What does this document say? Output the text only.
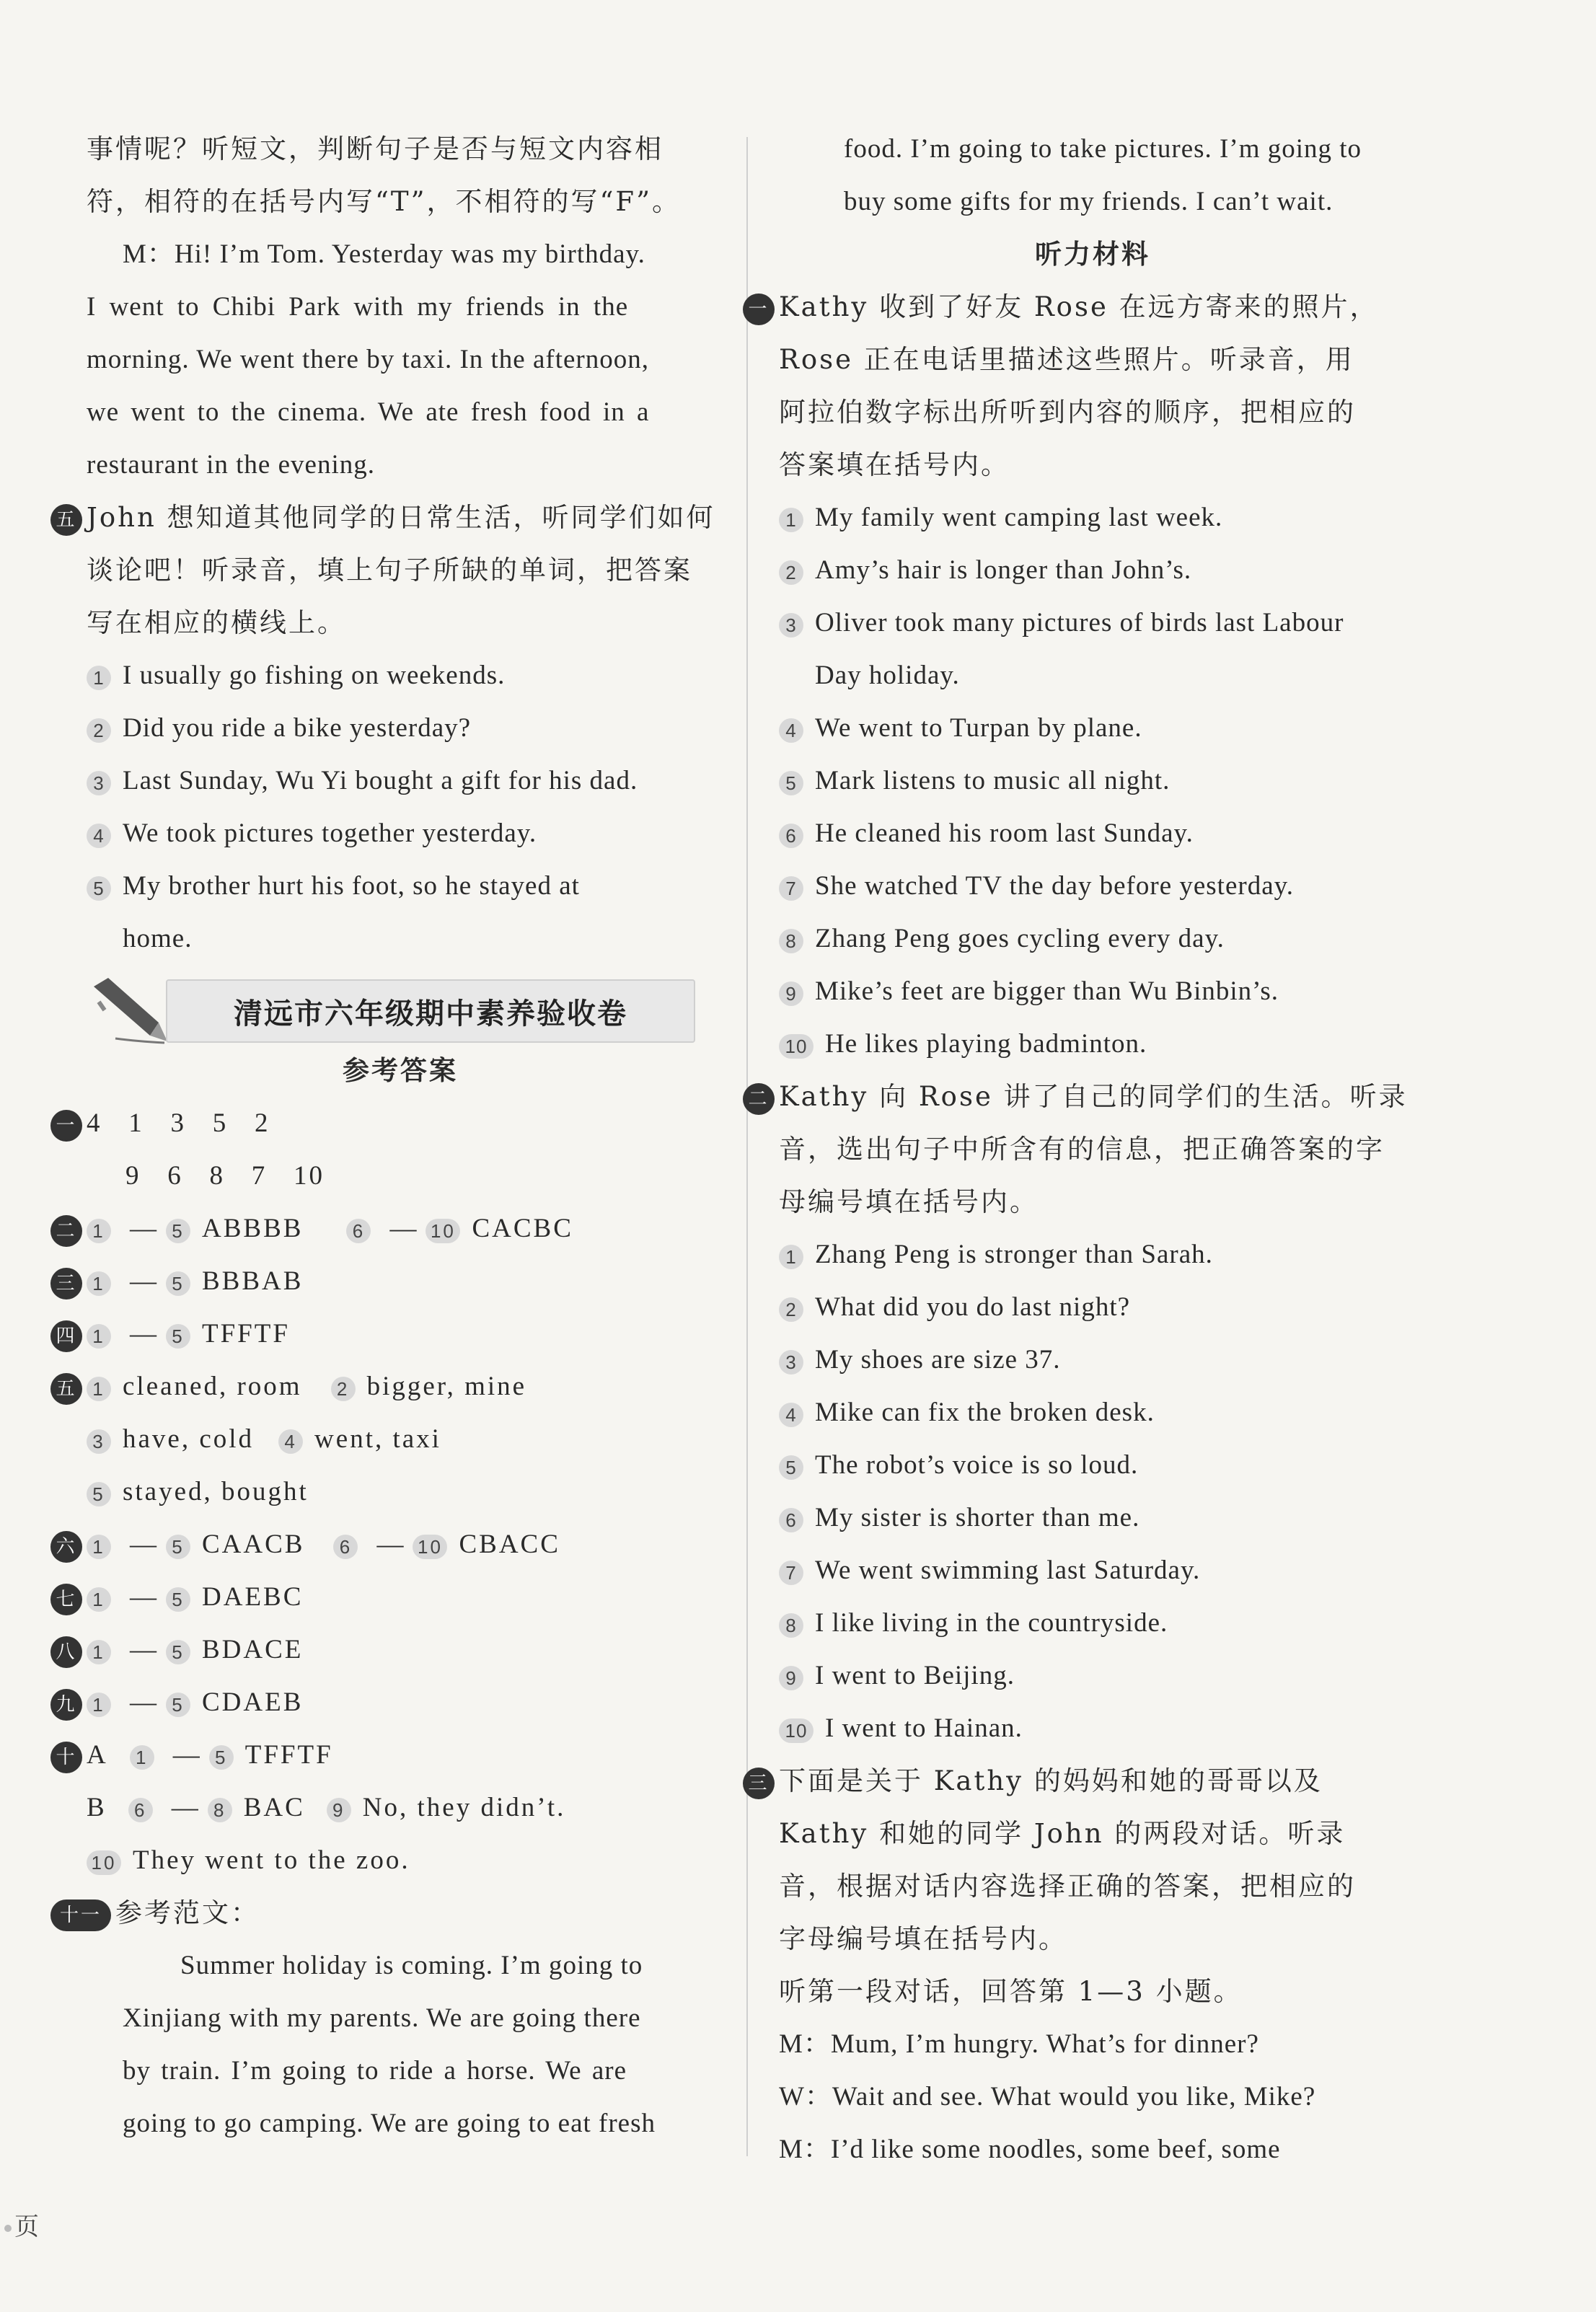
事情呢？听短文，判断句子是否与短文内容相
符，相符的在括号内写“T”，不相符的写“F”。
M：Hi! I’m Tom. Yesterday was my birthday.
I went to Chibi Park with my friends in the
morning. We went there by taxi. In the afternoon,
we went to the cinema. We ate fresh food in a
restaurant in the evening.
五 John 想知道其他同学的日常生活，听同学们如何
谈论吧！听录音，填上句子所缺的单词，把答案
写在相应的横线上。
1 I usually go fishing on weekends.
2 Did you ride a bike yesterday?
3 Last Sunday, Wu Yi bought a gift for his dad.
4 We took pictures together yesterday.
5 My brother hurt his foot, so he stayed at
home.
清远市六年级期中素养验收卷
参考答案
一 4   1   3   5   2
9   6   8   7   10
二 1 — 5 ABBBB	6 — 10 CACBC
三 1 — 5 BBBAB
四 1 — 5 TFFTF
五 1 cleaned, room 2 bigger, mine
3 have, cold 4 went, taxi
5 stayed, bought
六 1 — 5 CAACB 6 — 10 CBACC
七 1 — 5 DAEBC
八 1 — 5 BDACE
九 1 — 5 CDAEB
十 A 1 — 5 TFFTF
B 6 — 8 BAC 9 No, they didn’t.
10 They went to the zoo.
十一 参考范文：
Summer holiday is coming. I’m going to
Xinjiang with my parents. We are going there
by train. I’m going to ride a horse. We are
going to go camping. We are going to eat fresh
food. I’m going to take pictures. I’m going to
buy some gifts for my friends. I can’t wait.
听力材料
一 Kathy 收到了好友 Rose 在远方寄来的照片，
Rose 正在电话里描述这些照片。听录音，用
阿拉伯数字标出所听到内容的顺序，把相应的
答案填在括号内。
1 My family went camping last week.
2 Amy’s hair is longer than John’s.
3 Oliver took many pictures of birds last Labour
Day holiday.
4 We went to Turpan by plane.
5 Mark listens to music all night.
6 He cleaned his room last Sunday.
7 She watched TV the day before yesterday.
8 Zhang Peng goes cycling every day.
9 Mike’s feet are bigger than Wu Binbin’s.
10 He likes playing badminton.
二 Kathy 向 Rose 讲了自己的同学们的生活。听录
音，选出句子中所含有的信息，把正确答案的字
母编号填在括号内。
1 Zhang Peng is stronger than Sarah.
2 What did you do last night?
3 My shoes are size 37.
4 Mike can fix the broken desk.
5 The robot’s voice is so loud.
6 My sister is shorter than me.
7 We went swimming last Saturday.
8 I like living in the countryside.
9 I went to Beijing.
10 I went to Hainan.
三 下面是关于 Kathy 的妈妈和她的哥哥以及
Kathy 和她的同学 John 的两段对话。听录
音，根据对话内容选择正确的答案，把相应的
字母编号填在括号内。
听第一段对话，回答第 1—3 小题。
M：Mum, I’m hungry. What’s for dinner?
W：Wait and see. What would you like, Mike?
M：I’d like some noodles, some beef, some
页
